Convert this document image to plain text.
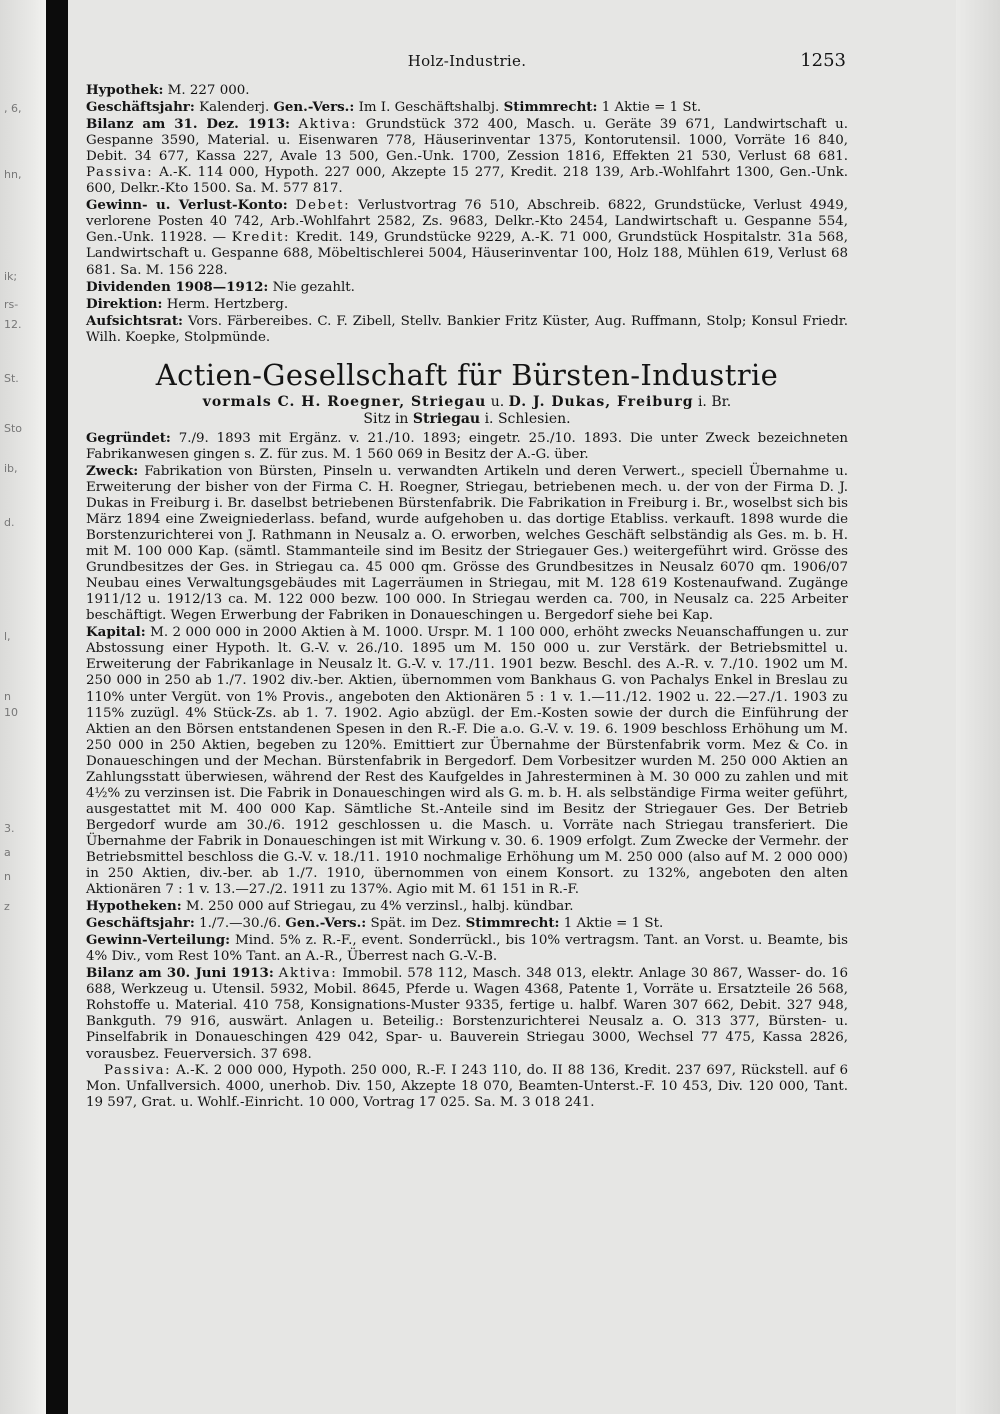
, 6,
hn,
ik;
rs-
12.
St.
Sto
ib,
d.
l,
n
10
3.
a
n
z
Holz-Industrie.	1253

Hypothek: M. 227 000.

Geschäftsjahr: Kalenderj. Gen.-Vers.: Im I. Geschäftshalbj. Stimmrecht: 1 Aktie = 1 St.

Bilanz am 31. Dez. 1913: Aktiva: Grundstück 372 400, Masch. u. Geräte 39 671, Landwirtschaft u. Gespanne 3590, Material. u. Eisenwaren 778, Häuserinventar 1375, Kontorutensil. 1000, Vorräte 16 840, Debit. 34 677, Kassa 227, Avale 13 500, Gen.-Unk. 1700, Zession 1816, Effekten 21 530, Verlust 68 681. Passiva: A.-K. 114 000, Hypoth. 227 000, Akzepte 15 277, Kredit. 218 139, Arb.-Wohlfahrt 1300, Gen.-Unk. 600, Delkr.-Kto 1500. Sa. M. 577 817.

Gewinn- u. Verlust-Konto: Debet: Verlustvortrag 76 510, Abschreib. 6822, Grundstücke, Verlust 4949, verlorene Posten 40 742, Arb.-Wohlfahrt 2582, Zs. 9683, Delkr.-Kto 2454, Landwirtschaft u. Gespanne 554, Gen.-Unk. 11928. — Kredit: Kredit. 149, Grundstücke 9229, A.-K. 71 000, Grundstück Hospitalstr. 31a 568, Landwirtschaft u. Gespanne 688, Möbeltischlerei 5004, Häuserinventar 100, Holz 188, Mühlen 619, Verlust 68 681. Sa. M. 156 228.

Dividenden 1908—1912: Nie gezahlt.

Direktion: Herm. Hertzberg.

Aufsichtsrat: Vors. Färbereibes. C. F. Zibell, Stellv. Bankier Fritz Küster, Aug. Ruffmann, Stolp; Konsul Friedr. Wilh. Koepke, Stolpmünde.

Actien-Gesellschaft für Bürsten-Industrie
vormals C. H. Roegner, Striegau u. D. J. Dukas, Freiburg i. Br.
Sitz in Striegau i. Schlesien.

Gegründet: 7./9. 1893 mit Ergänz. v. 21./10. 1893; eingetr. 25./10. 1893. Die unter Zweck bezeichneten Fabrikanwesen gingen s. Z. für zus. M. 1 560 069 in Besitz der A.-G. über.

Zweck: Fabrikation von Bürsten, Pinseln u. verwandten Artikeln und deren Verwert., speciell Übernahme u. Erweiterung der bisher von der Firma C. H. Roegner, Striegau, betriebenen mech. u. der von der Firma D. J. Dukas in Freiburg i. Br. daselbst betriebenen Bürstenfabrik. Die Fabrikation in Freiburg i. Br., woselbst sich bis März 1894 eine Zweigniederlass. befand, wurde aufgehoben u. das dortige Etabliss. verkauft. 1898 wurde die Borstenzurichterei von J. Rathmann in Neusalz a. O. erworben, welches Geschäft selbständig als Ges. m. b. H. mit M. 100 000 Kap. (sämtl. Stammanteile sind im Besitz der Striegauer Ges.) weitergeführt wird. Grösse des Grundbesitzes der Ges. in Striegau ca. 45 000 qm. Grösse des Grundbesitzes in Neusalz 6070 qm. 1906/07 Neubau eines Verwaltungsgebäudes mit Lagerräumen in Striegau, mit M. 128 619 Kostenaufwand. Zugänge 1911/12 u. 1912/13 ca. M. 122 000 bezw. 100 000. In Striegau werden ca. 700, in Neusalz ca. 225 Arbeiter beschäftigt. Wegen Erwerbung der Fabriken in Donaueschingen u. Bergedorf siehe bei Kap.

Kapital: M. 2 000 000 in 2000 Aktien à M. 1000. Urspr. M. 1 100 000, erhöht zwecks Neuanschaffungen u. zur Abstossung einer Hypoth. lt. G.-V. v. 26./10. 1895 um M. 150 000 u. zur Verstärk. der Betriebsmittel u. Erweiterung der Fabrikanlage in Neusalz lt. G.-V. v. 17./11. 1901 bezw. Beschl. des A.-R. v. 7./10. 1902 um M. 250 000 in 250 ab 1./7. 1902 div.-ber. Aktien, übernommen vom Bankhaus G. von Pachalys Enkel in Breslau zu 110% unter Vergüt. von 1% Provis., angeboten den Aktionären 5 : 1 v. 1.—11./12. 1902 u. 22.—27./1. 1903 zu 115% zuzügl. 4% Stück-Zs. ab 1. 7. 1902. Agio abzügl. der Em.-Kosten sowie der durch die Einführung der Aktien an den Börsen entstandenen Spesen in den R.-F. Die a.o. G.-V. v. 19. 6. 1909 beschloss Erhöhung um M. 250 000 in 250 Aktien, begeben zu 120%. Emittiert zur Übernahme der Bürstenfabrik vorm. Mez & Co. in Donaueschingen und der Mechan. Bürstenfabrik in Bergedorf. Dem Vorbesitzer wurden M. 250 000 Aktien an Zahlungsstatt überwiesen, während der Rest des Kaufgeldes in Jahresterminen à M. 30 000 zu zahlen und mit 4½% zu verzinsen ist. Die Fabrik in Donaueschingen wird als G. m. b. H. als selbständige Firma weiter geführt, ausgestattet mit M. 400 000 Kap. Sämtliche St.-Anteile sind im Besitz der Striegauer Ges. Der Betrieb Bergedorf wurde am 30./6. 1912 geschlossen u. die Masch. u. Vorräte nach Striegau transferiert. Die Übernahme der Fabrik in Donaueschingen ist mit Wirkung v. 30. 6. 1909 erfolgt. Zum Zwecke der Vermehr. der Betriebsmittel beschloss die G.-V. v. 18./11. 1910 nochmalige Erhöhung um M. 250 000 (also auf M. 2 000 000) in 250 Aktien, div.-ber. ab 1./7. 1910, übernommen von einem Konsort. zu 132%, angeboten den alten Aktionären 7 : 1 v. 13.—27./2. 1911 zu 137%. Agio mit M. 61 151 in R.-F.

Hypotheken: M. 250 000 auf Striegau, zu 4% verzinsl., halbj. kündbar.

Geschäftsjahr: 1./7.—30./6. Gen.-Vers.: Spät. im Dez. Stimmrecht: 1 Aktie = 1 St.

Gewinn-Verteilung: Mind. 5% z. R.-F., event. Sonderrückl., bis 10% vertragsm. Tant. an Vorst. u. Beamte, bis 4% Div., vom Rest 10% Tant. an A.-R., Überrest nach G.-V.-B.

Bilanz am 30. Juni 1913: Aktiva: Immobil. 578 112, Masch. 348 013, elektr. Anlage 30 867, Wasser- do. 16 688, Werkzeug u. Utensil. 5932, Mobil. 8645, Pferde u. Wagen 4368, Patente 1, Vorräte u. Ersatzteile 26 568, Rohstoffe u. Material. 410 758, Konsignations-Muster 9335, fertige u. halbf. Waren 307 662, Debit. 327 948, Bankguth. 79 916, auswärt. Anlagen u. Beteilig.: Borstenzurichterei Neusalz a. O. 313 377, Bürsten- u. Pinselfabrik in Donaueschingen 429 042, Spar- u. Bauverein Striegau 3000, Wechsel 77 475, Kassa 2826, vorausbez. Feuerversich. 37 698.

Passiva: A.-K. 2 000 000, Hypoth. 250 000, R.-F. I 243 110, do. II 88 136, Kredit. 237 697, Rückstell. auf 6 Mon. Unfallversich. 4000, unerhob. Div. 150, Akzepte 18 070, Beamten-Unterst.-F. 10 453, Div. 120 000, Tant. 19 597, Grat. u. Wohlf.-Einricht. 10 000, Vortrag 17 025. Sa. M. 3 018 241.
